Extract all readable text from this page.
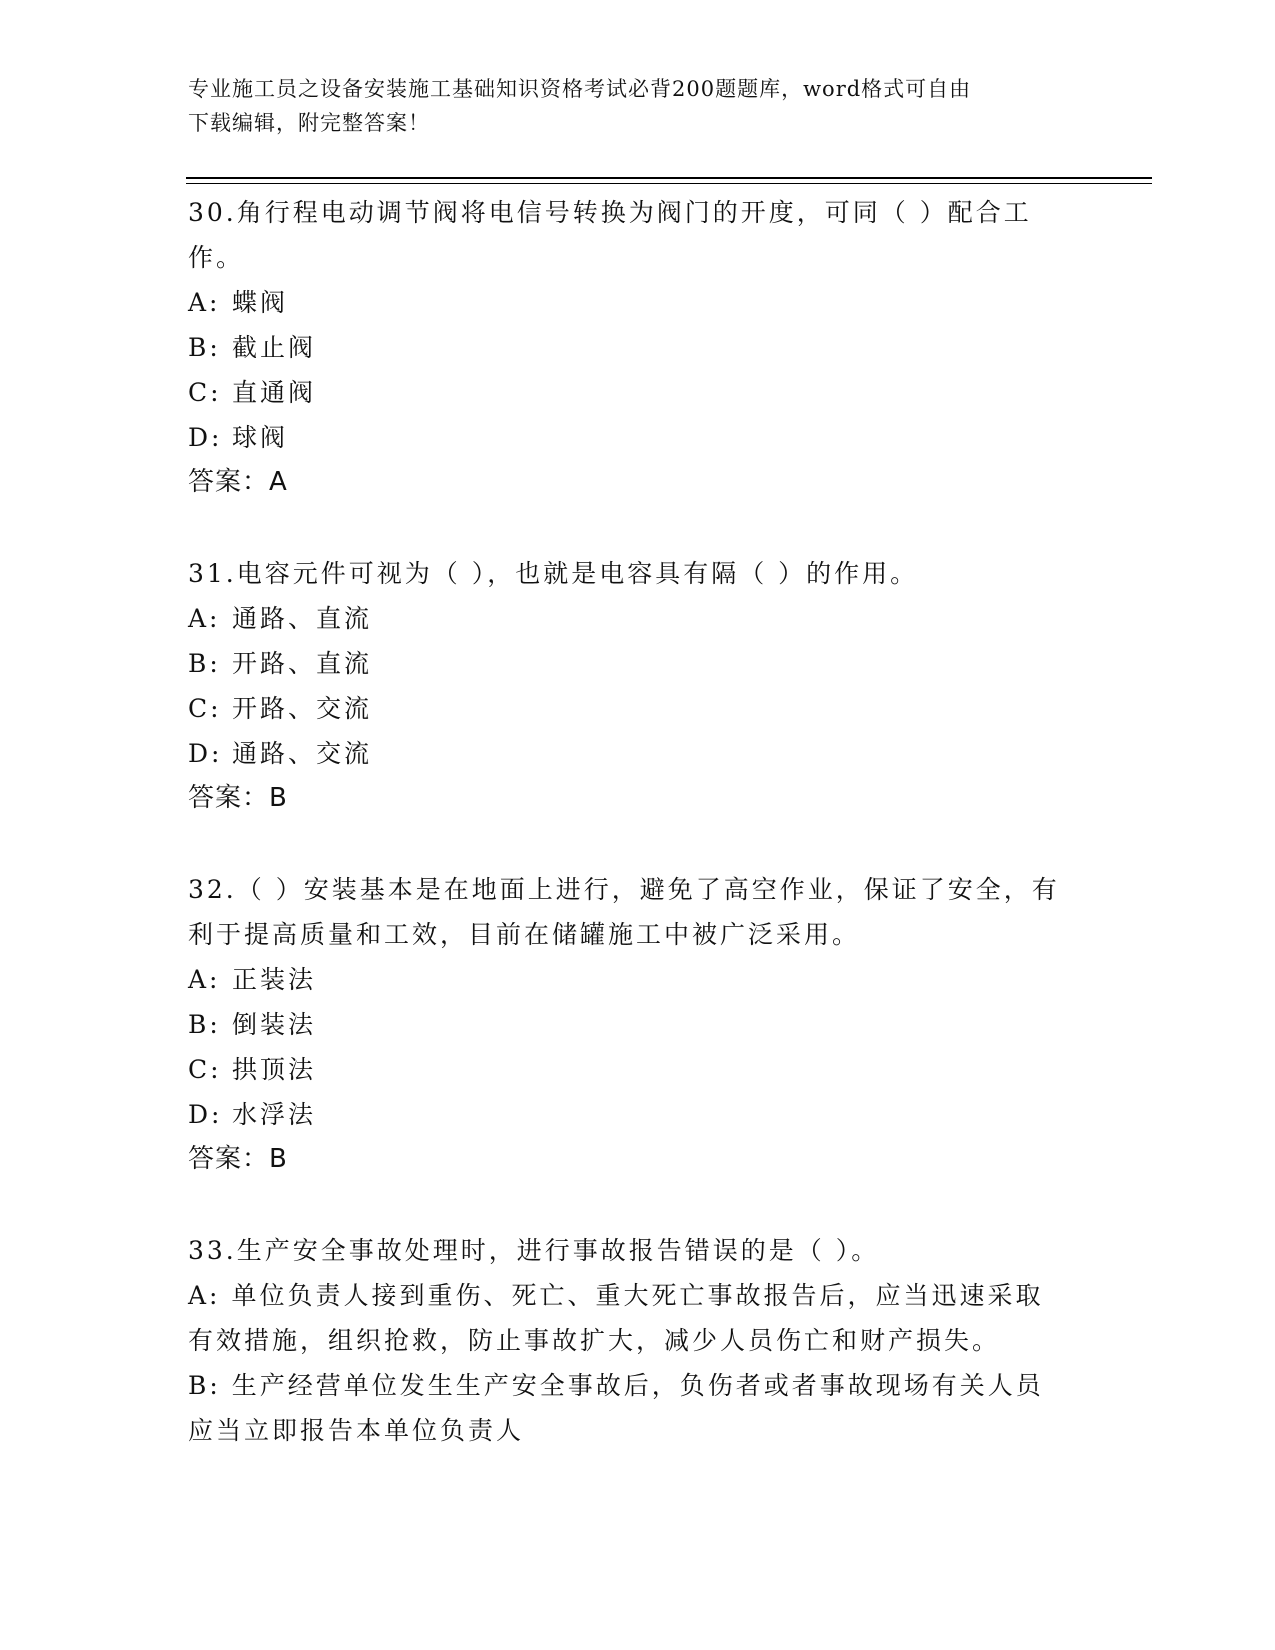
专业施工员之设备安装施工基础知识资格考试必背200题题库，word格式可自由
下载编辑，附完整答案！
30.角行程电动调节阀将电信号转换为阀门的开度，可同（ ）配合工作。
A: 蝶阀
B: 截止阀
C: 直通阀
D: 球阀
答案：A
31.电容元件可视为（ ），也就是电容具有隔（ ）的作用。
A: 通路、直流
B: 开路、直流
C: 开路、交流
D: 通路、交流
答案：B
32.（ ）安装基本是在地面上进行，避免了高空作业，保证了安全，有利于提高质量和工效，目前在储罐施工中被广泛采用。
A: 正装法
B: 倒装法
C: 拱顶法
D: 水浮法
答案：B
33.生产安全事故处理时，进行事故报告错误的是（ ）。
A: 单位负责人接到重伤、死亡、重大死亡事故报告后，应当迅速采取有效措施，组织抢救，防止事故扩大，减少人员伤亡和财产损失。
B: 生产经营单位发生生产安全事故后，负伤者或者事故现场有关人员应当立即报告本单位负责人
